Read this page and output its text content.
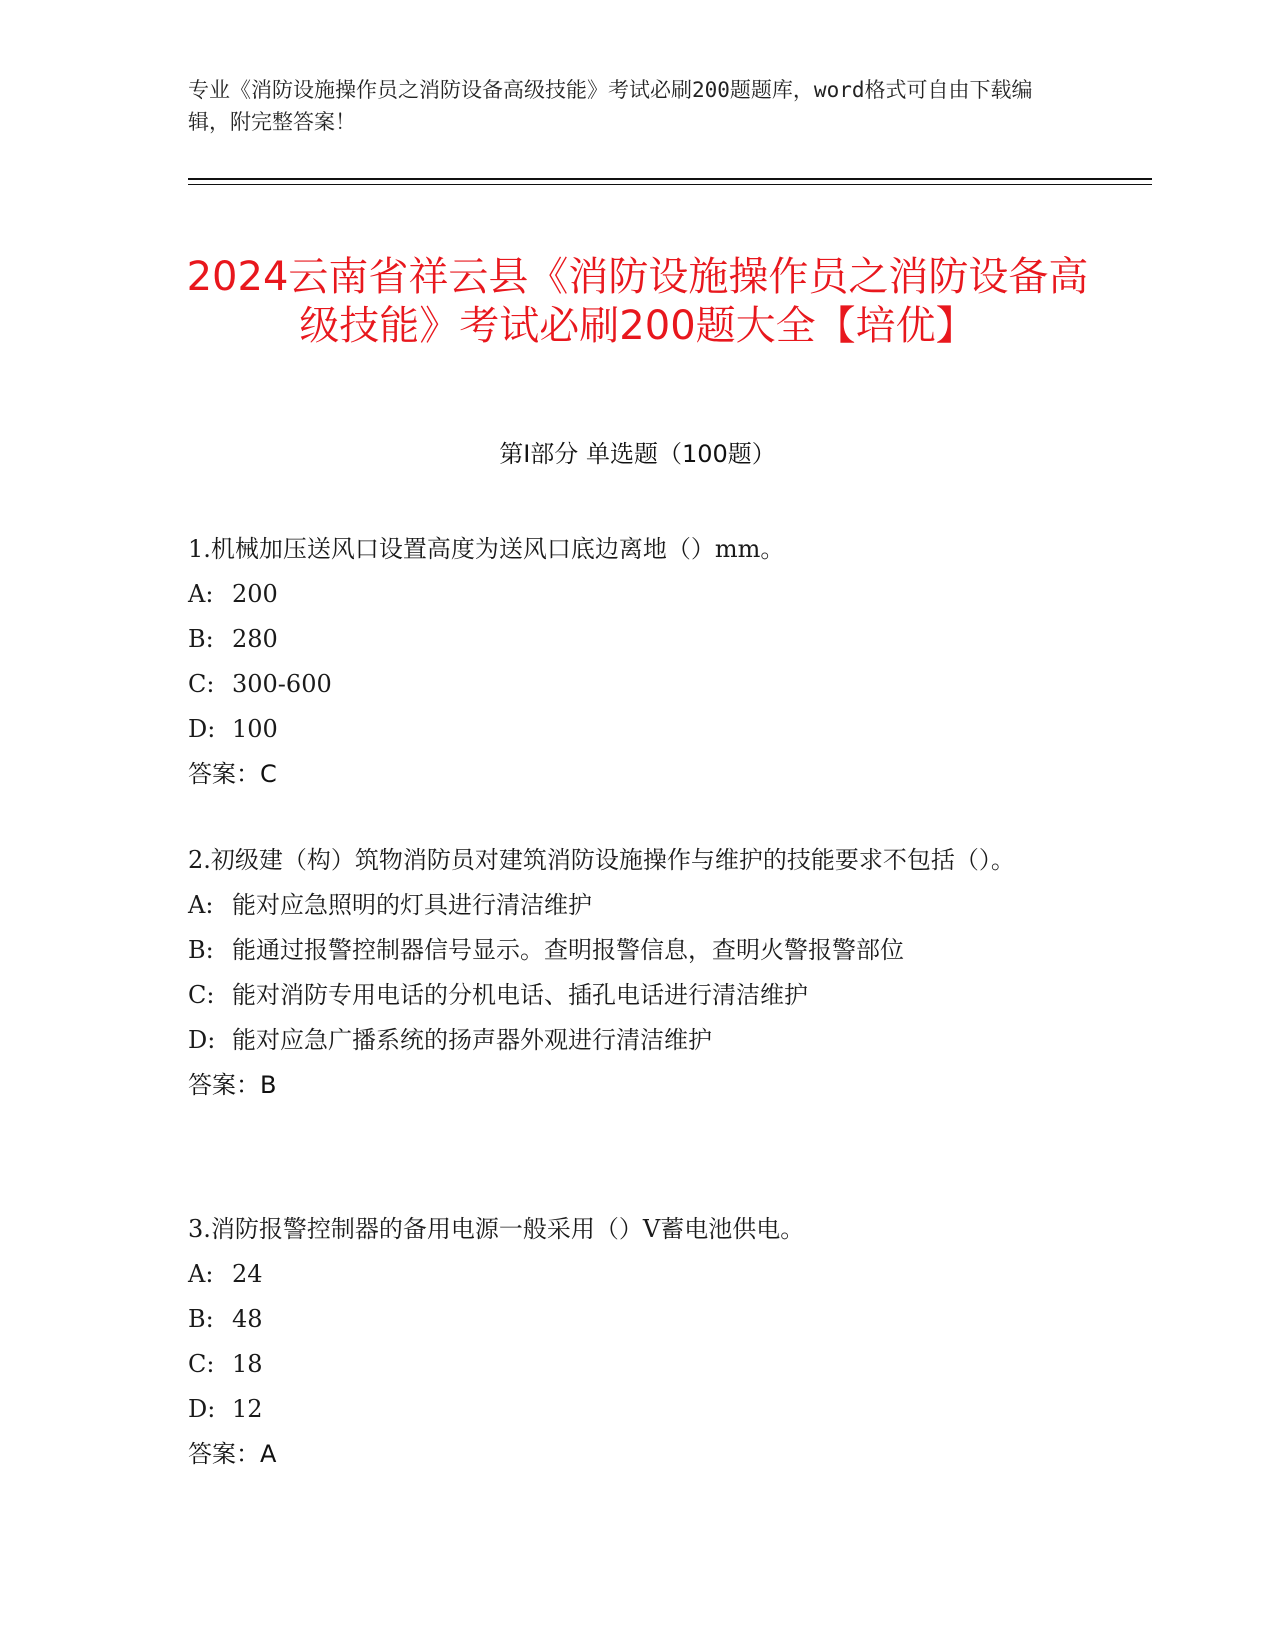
专业《消防设施操作员之消防设备高级技能》考试必刷200题题库，word格式可自由下载编辑，附完整答案！
2024云南省祥云县《消防设施操作员之消防设备高级技能》考试必刷200题大全【培优】
第I部分 单选题（100题）

1.机械加压送风口设置高度为送风口底边离地（）mm。

A: 200

B: 280

C: 300-600

D: 100

答案：C

2.初级建（构）筑物消防员对建筑消防设施操作与维护的技能要求不包括（）。

A: 能对应急照明的灯具进行清洁维护

B: 能通过报警控制器信号显示。查明报警信息，查明火警报警部位

C: 能对消防专用电话的分机电话、插孔电话进行清洁维护

D: 能对应急广播系统的扬声器外观进行清洁维护

答案：B

3.消防报警控制器的备用电源一般采用（）V蓄电池供电。

A: 24

B: 48

C: 18

D: 12

答案：A
